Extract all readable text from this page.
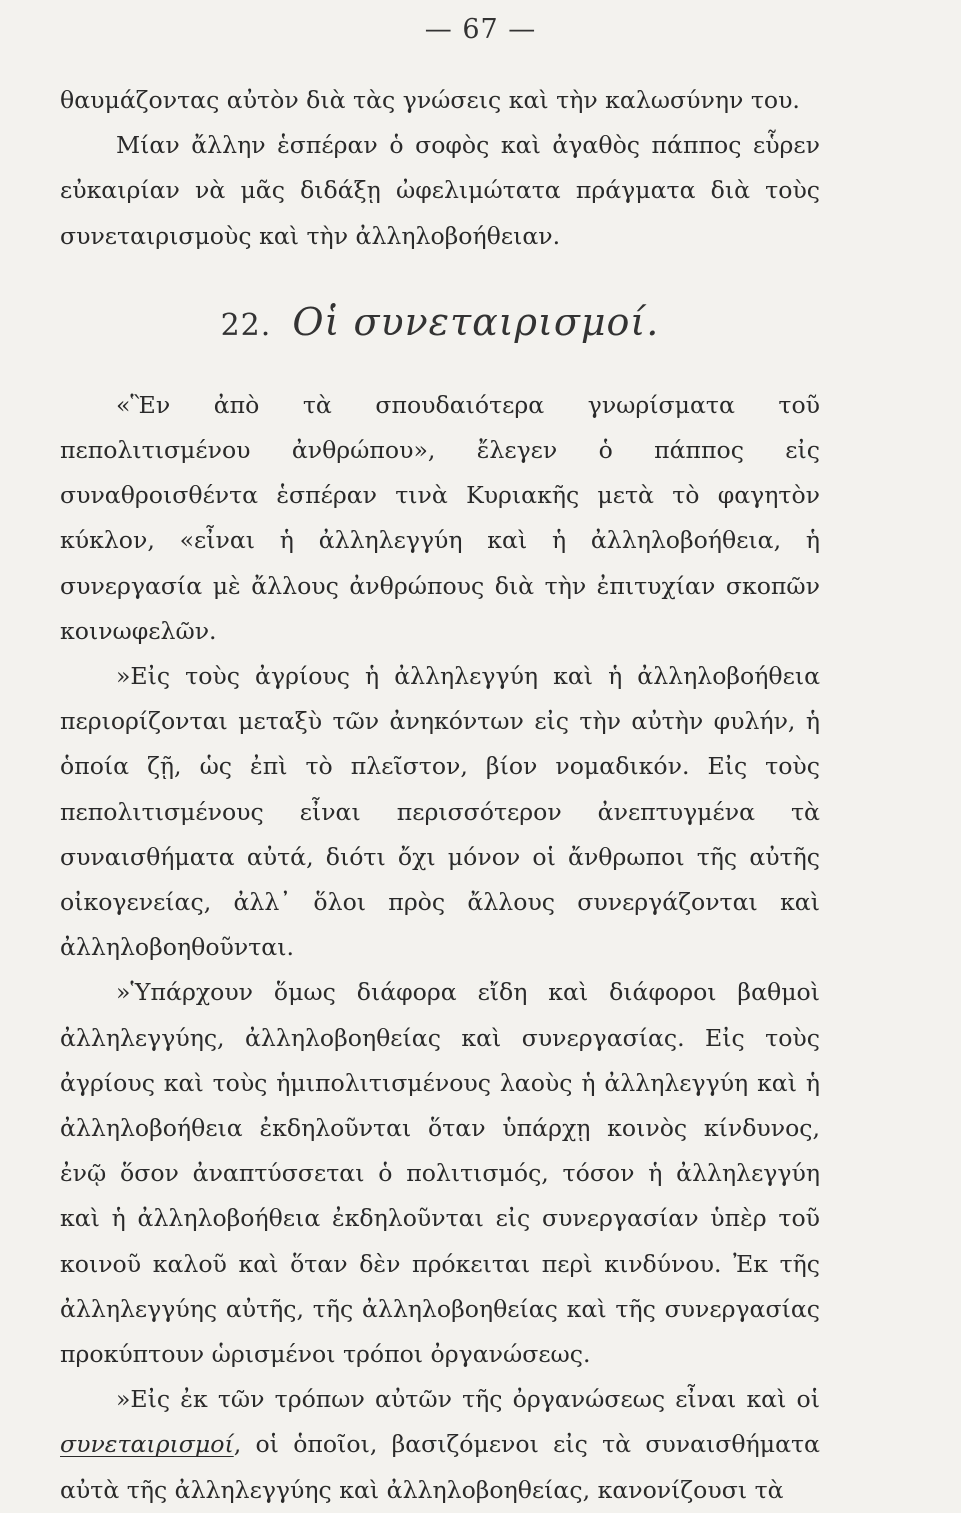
— 67 —

θαυμάζοντας αὐτὸν διὰ τὰς γνώσεις καὶ τὴν καλωσύνην του.

Μίαν ἄλλην ἑσπέραν ὁ σοφὸς καὶ ἀγαθὸς πάππος εὗρεν εὐκαιρίαν νὰ μᾶς διδάξῃ ὠφελιμώτατα πράγματα διὰ τοὺς συνεταιρισμοὺς καὶ τὴν ἀλληλοβοήθειαν.

22. Οἱ συνεταιρισμοί.

«Ἓν ἀπὸ τὰ σπουδαιότερα γνωρίσματα τοῦ πεπολιτισμένου ἀνθρώπου», ἔλεγεν ὁ πάππος εἰς συναθροισθέντα ἑσπέραν τινὰ Κυριακῆς μετὰ τὸ φαγητὸν κύκλον, «εἶναι ἡ ἀλληλεγγύη καὶ ἡ ἀλληλοβοήθεια, ἡ συνεργασία μὲ ἄλλους ἀνθρώπους διὰ τὴν ἐπιτυχίαν σκοπῶν κοινωφελῶν.

»Εἰς τοὺς ἀγρίους ἡ ἀλληλεγγύη καὶ ἡ ἀλληλοβοήθεια περιορίζονται μεταξὺ τῶν ἀνηκόντων εἰς τὴν αὐτὴν φυλήν, ἡ ὁποία ζῇ, ὡς ἐπὶ τὸ πλεῖστον, βίον νομαδικόν. Εἰς τοὺς πεπολιτισμένους εἶναι περισσότερον ἀνεπτυγμένα τὰ συναισθήματα αὐτά, διότι ὄχι μόνον οἱ ἄνθρωποι τῆς αὐτῆς οἰκογενείας, ἀλλ᾽ ὅλοι πρὸς ἄλλους συνεργάζονται καὶ ἀλληλοβοηθοῦνται.

»Ὑπάρχουν ὅμως διάφορα εἴδη καὶ διάφοροι βαθμοὶ ἀλληλεγγύης, ἀλληλοβοηθείας καὶ συνεργασίας. Εἰς τοὺς ἀγρίους καὶ τοὺς ἡμιπολιτισμένους λαοὺς ἡ ἀλληλεγγύη καὶ ἡ ἀλληλοβοήθεια ἐκδηλοῦνται ὅταν ὑπάρχῃ κοινὸς κίνδυνος, ἐνῷ ὅσον ἀναπτύσσεται ὁ πολιτισμός, τόσον ἡ ἀλληλεγγύη καὶ ἡ ἀλληλοβοήθεια ἐκδηλοῦνται εἰς συνεργασίαν ὑπὲρ τοῦ κοινοῦ καλοῦ καὶ ὅταν δὲν πρόκειται περὶ κινδύνου. Ἐκ τῆς ἀλληλεγγύης αὐτῆς, τῆς ἀλληλοβοηθείας καὶ τῆς συνεργασίας προκύπτουν ὡρισμένοι τρόποι ὀργανώσεως.

»Εἰς ἐκ τῶν τρόπων αὐτῶν τῆς ὀργανώσεως εἶναι καὶ οἱ συνεταιρισμοί, οἱ ὁποῖοι, βασιζόμενοι εἰς τὰ συναισθήματα αὐτὰ τῆς ἀλληλεγγύης καὶ ἀλληλοβοηθείας, κανονίζουσι τὰ
